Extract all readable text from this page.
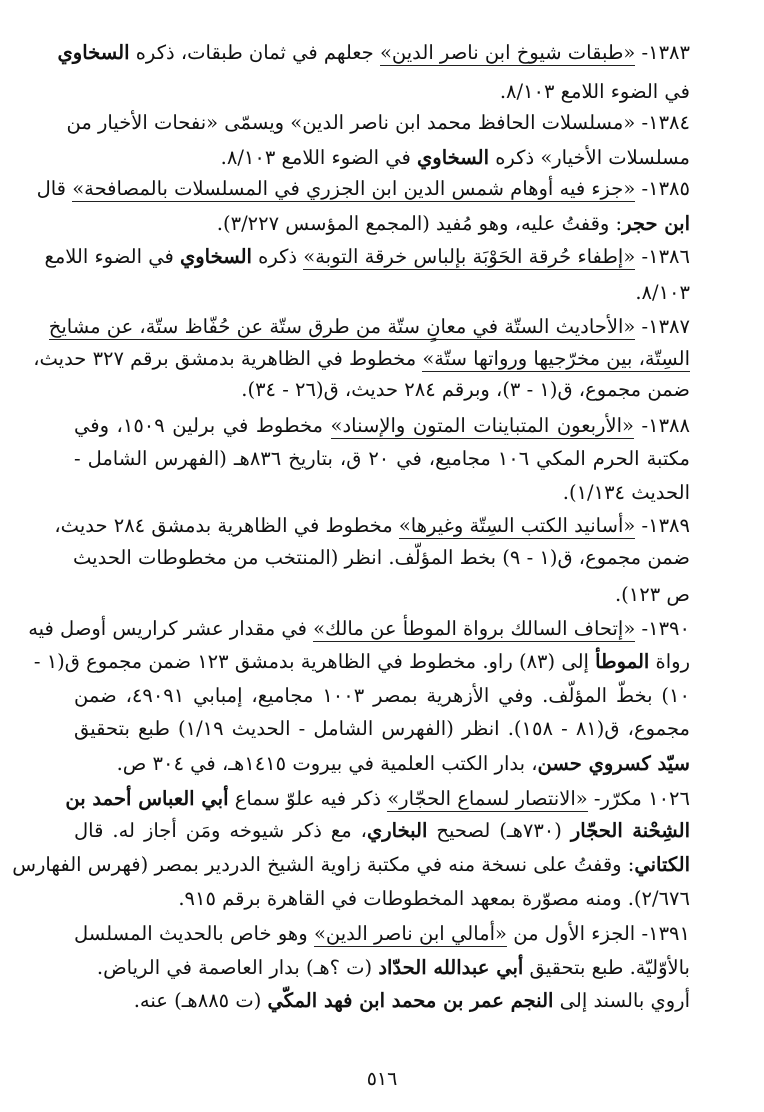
١٣٨٣- «طبقات شيوخ ابن ناصر الدين» جعلهم في ثمان طبقات، ذكره السخاوي
في الضوء اللامع ٨/١٠٣.
١٣٨٤- «مسلسلات الحافظ محمد ابن ناصر الدين» ويسمّى «نفحات الأخيار من
مسلسلات الأخيار» ذكره السخاوي في الضوء اللامع ٨/١٠٣.
١٣٨٥- «جزء فيه أوهام شمس الدين ابن الجزري في المسلسلات بالمصافحة» قال
ابن حجر: وقفتُ عليه، وهو مُفيد (المجمع المؤسس ٣/٢٢٧).
١٣٨٦- «إطفاء حُرقة الحَوْبَة بإلباس خرقة التوبة» ذكره السخاوي في الضوء اللامع
٨/١٠٣.
١٣٨٧- «الأحاديث الستّة في معانٍ ستّة من طرق ستّة عن حُفّاظ ستّة، عن مشايخ
السِتّة، بين مخرّجيها ورواتها ستّة» مخطوط في الظاهرية بدمشق برقم ٣٢٧ حديث،
ضمن مجموع، ق(١ - ٣)، وبرقم ٢٨٤ حديث، ق(٢٦ - ٣٤).
١٣٨٨- «الأربعون المتباينات المتون والإسناد» مخطوط في برلين ١٥٠٩، وفي
مكتبة الحرم المكي ١٠٦ مجاميع، في ٢٠ ق، بتاريخ ٨٣٦هـ (الفهرس الشامل -
الحديث ١/١٣٤).
١٣٨٩- «أسانيد الكتب السِتّة وغيرها» مخطوط في الظاهرية بدمشق ٢٨٤ حديث،
ضمن مجموع، ق(١ - ٩) بخط المؤلّف. انظر (المنتخب من مخطوطات الحديث
ص ١٢٣).
١٣٩٠- «إتحاف السالك برواة الموطأ عن مالك» في مقدار عشر كراريس أوصل فيه
رواة الموطأ إلى (٨٣) راو. مخطوط في الظاهرية بدمشق ١٢٣ ضمن مجموع ق(١ -
١٠) بخطّ المؤلّف. وفي الأزهرية بمصر ١٠٠٣ مجاميع، إمبابي ٤٩٠٩١، ضمن
مجموع، ق(٨١ - ١٥٨). انظر (الفهرس الشامل - الحديث ١/١٩) طبع بتحقيق
سيّد كسروي حسن، بدار الكتب العلمية في بيروت ١٤١٥هـ، في ٣٠٤ ص.
١٠٢٦ مكرّر- «الانتصار لسماع الحجّار» ذكر فيه علوّ سماع أبي العباس أحمد بن
الشِحْنة الحجّار (٧٣٠هـ) لصحيح البخاري، مع ذكر شيوخه ومَن أجاز له. قال
الكتاني: وقفتُ على نسخة منه في مكتبة زاوية الشيخ الدردير بمصر (فهرس الفهارس
٢/٦٧٦). ومنه مصوّرة بمعهد المخطوطات في القاهرة برقم ٩١٥.
١٣٩١- الجزء الأول من «أمالي ابن ناصر الدين» وهو خاص بالحديث المسلسل
بالأوّليّة. طبع بتحقيق أبي عبدالله الحدّاد (ت ؟هـ) بدار العاصمة في الرياض.
أروي بالسند إلى النجم عمر بن محمد ابن فهد المكّي (ت ٨٨٥هـ) عنه.
٥١٦
